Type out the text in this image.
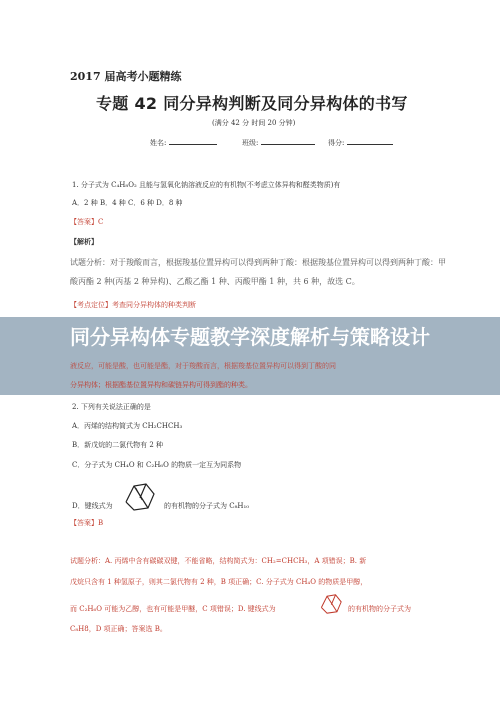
2017 届高考小题精练
专题 42 同分异构判断及同分异构体的书写
(满分 42 分 时间 20 分钟)
姓名:	班级:	得分:
1. 分子式为 C₄H₈O₂ 且能与氢氧化钠溶液反应的有机物(不考虑立体异构和醛类物质)有
A．2 种 B．4 种 C．6 种 D．8 种
【答案】C
【解析】
试题分析：对于羧酸而言，根据羧基位置异构可以得到两种丁酸：根据羧基位置异构可以得到两种丁酸：甲
酸丙酯 2 种(丙基 2 种异构)、乙酸乙酯 1 种、丙酸甲酯 1 种，共 6 种，故选 C。
【考点定位】考查同分异构体的种类判断
同分异构体专题教学深度解析与策略设计
液反应，可能是酸，也可能是酯，对于羧酸而言，根据羧基位置异构可以得到丁酸的同
分异构体；根据酯基位置异构和碳链异构可得到酯的种类。
2. 下列有关说法正确的是
A．丙烯的结构简式为 CH₂CHCH₃
B．新戊烷的二氯代物有 2 种
C．分子式为 CH₄O 和 C₂H₆O 的物质一定互为同系物
D．键线式为	的有机物的分子式为 C₈H₁₀
【答案】B
试题分析：A. 丙烯中含有碳碳双键，不能省略，结构简式为：CH₂=CHCH₃，A 项错误；B. 新
戊烷只含有 1 种氢原子，则其二氯代物有 2 种，B 项正确；C. 分子式为 CH₄O 的物质是甲醇，
而 C₂H₆O 可能为乙醇，也有可能是甲醚，C 项错误；D. 键线式为	的有机物的分子式为
C₈H8，D 项正确；答案选 B。
